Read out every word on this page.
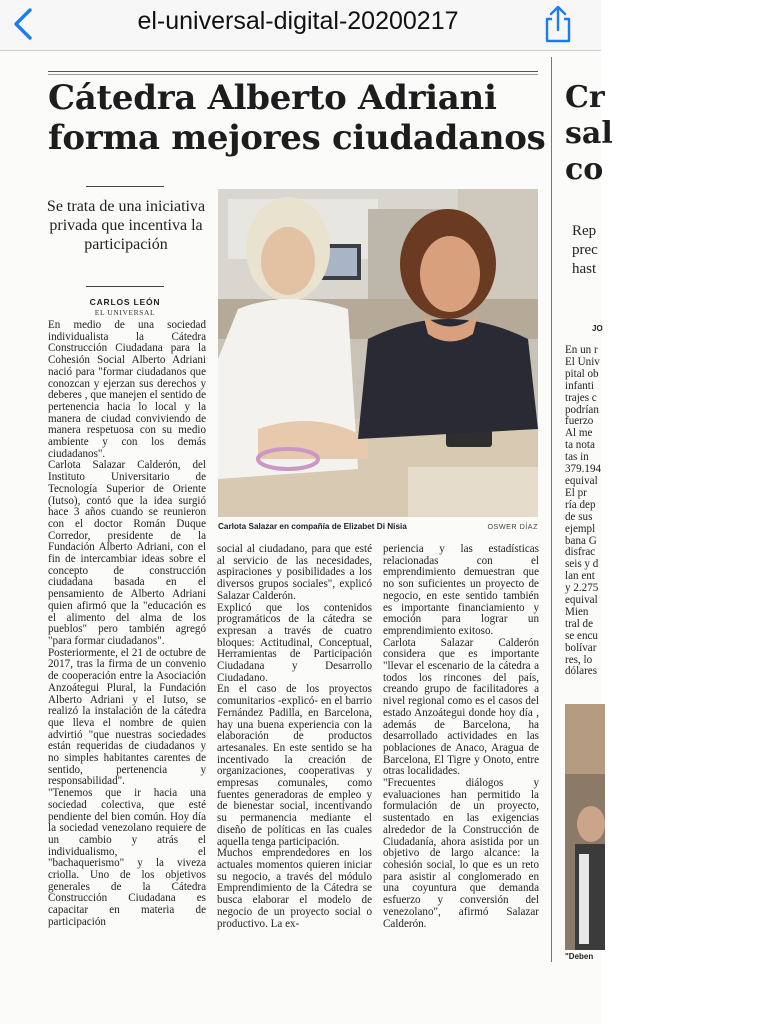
el-universal-digital-20200217
Cátedra Alberto Adriani forma mejores ciudadanos
Se trata de una iniciativa privada que incentiva la participación
CARLOS LEÓN
EL UNIVERSAL
Carlota Salazar en compañía de Elizabet Di Nisia	OSWER DÍAZ

En medio de una sociedad individualista la Cátedra Construcción Ciudadana para la Cohesión Social Alberto Adriani nació para "formar ciudadanos que conozcan y ejerzan sus derechos y deberes , que manejen el sentido de pertenencia hacia lo local y la manera de ciudad conviviendo de manera respetuosa con su medio ambiente y con los demás ciudadanos".
Carlota Salazar Calderón, del Instituto Universitario de Tecnología Superior de Oriente (Iutso), contó que la idea surgió hace 3 años cuando se reunieron con el doctor Román Duque Corredor, presidente de la Fundación Alberto Adriani, con el fin de intercambiar ideas sobre el concepto de construcción ciudadana basada en el pensamiento de Alberto Adriani quien afirmó que la "educación es el alimento del alma de los pueblos" pero también agregó "para formar ciudadanos".
Posteriormente, el 21 de octubre de 2017, tras la firma de un convenio de cooperación entre la Asociación Anzoátegui Plural, la Fundación Alberto Adriani y el Iutso, se realizó la instalación de la cátedra que lleva el nombre de quien advirtió "que nuestras sociedades están requeridas de ciudadanos y no simples habitantes carentes de sentido, pertenencia y responsabilidad".
"Tenemos que ir hacia una sociedad colectiva, que esté pendiente del bien común. Hoy día la sociedad venezolano requiere de un cambio y atrás el individualismo, el "bachaquerismo" y la viveza criolla. Uno de los objetivos generales de la Cátedra Construcción Ciudadana es capacitar en materia de participación

social al ciudadano, para que esté al servicio de las necesidades, aspiraciones y posibilidades a los diversos grupos sociales", explicó Salazar Calderón.
Explicó que los contenidos programáticos de la cátedra se expresan a través de cuatro bloques: Actitudinal, Conceptual, Herramientas de Participación Ciudadana y Desarrollo Ciudadano.
En el caso de los proyectos comunitarios -explicó- en el barrio Fernández Padilla, en Barcelona, hay una buena experiencia con la elaboración de productos artesanales. En este sentido se ha incentivado la creación de organizaciones, cooperativas y empresas comunales, como fuentes generadoras de empleo y de bienestar social, incentivando su permanencia mediante el diseño de políticas en las cuales aquella tenga participación.
Muchos emprendedores en los actuales momentos quieren iniciar su negocio, a través del módulo Emprendimiento de la Cátedra se busca elaborar el modelo de negocio de un proyecto social o productivo. La ex-

periencia y las estadísticas relacionadas con el emprendimiento demuestran que no son suficientes un proyecto de negocio, en este sentido también es importante financiamiento y emoción para lograr un emprendimiento exitoso.
Carlota Salazar Calderón considera que es importante "llevar el escenario de la cátedra a todos los rincones del país, creando grupo de facilitadores a nivel regional como es el casos del estado Anzoátegui donde hoy día , además de Barcelona, ha desarrollado actividades en las poblaciones de Anaco, Aragua de Barcelona, El Tigre y Onoto, entre otras localidades.
"Frecuentes diálogos y evaluaciones han permitido la formulación de un proyecto, sustentado en las exigencias alrededor de la Construcción de Ciudadanía, ahora asistida por un objetivo de largo alcance: la cohesión social, lo que es un reto para asistir al conglomerado en una coyuntura que demanda esfuerzo y conversión del venezolano", afirmó Salazar Calderón.

Cr
sal
co
Rep
prec
hast
JO
En un r
El Univ
pital ob
infanti
trajes c
podrían
fuerzo
Al me
ta nota
tas in
379.194
equival
El pr
ría dep
de sus
ejempl
bana G
disfrac
seis y d
lan ent
y 2.275
equival
Mien
tral de
se encu
bolívar
res, lo
dólares
"Deben
